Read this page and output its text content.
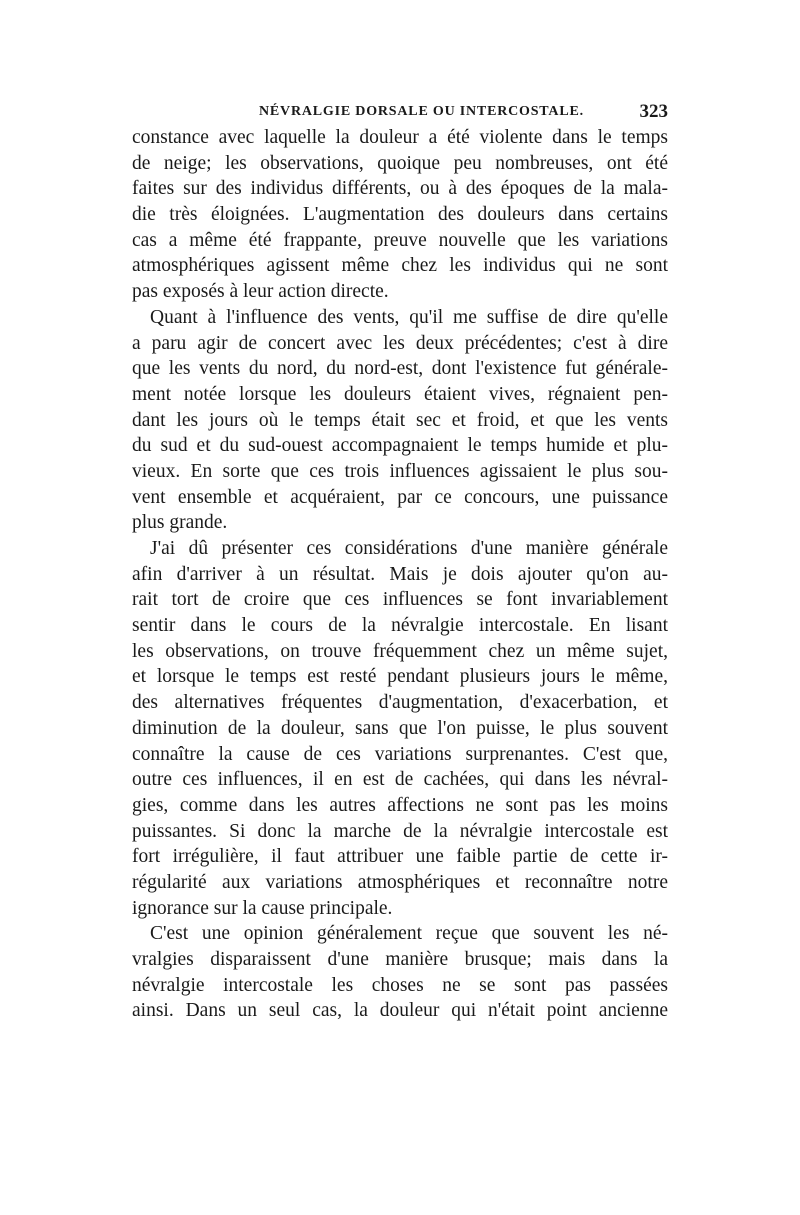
NÉVRALGIE DORSALE OU INTERCOSTALE.	323
constance avec laquelle la douleur a été violente dans le temps
de neige; les observations, quoique peu nombreuses, ont été
faites sur des individus différents, ou à des époques de la mala-
die très éloignées. L'augmentation des douleurs dans certains
cas a même été frappante, preuve nouvelle que les variations
atmosphériques agissent même chez les individus qui ne sont
pas exposés à leur action directe.
Quant à l'influence des vents, qu'il me suffise de dire qu'elle
a paru agir de concert avec les deux précédentes; c'est à dire
que les vents du nord, du nord-est, dont l'existence fut générale-
ment notée lorsque les douleurs étaient vives, régnaient pen-
dant les jours où le temps était sec et froid, et que les vents
du sud et du sud-ouest accompagnaient le temps humide et plu-
vieux. En sorte que ces trois influences agissaient le plus sou-
vent ensemble et acquéraient, par ce concours, une puissance
plus grande.
J'ai dû présenter ces considérations d'une manière générale
afin d'arriver à un résultat. Mais je dois ajouter qu'on au-
rait tort de croire que ces influences se font invariablement
sentir dans le cours de la névralgie intercostale. En lisant
les observations, on trouve fréquemment chez un même sujet,
et lorsque le temps est resté pendant plusieurs jours le même,
des alternatives fréquentes d'augmentation, d'exacerbation, et
diminution de la douleur, sans que l'on puisse, le plus souvent
connaître la cause de ces variations surprenantes. C'est que,
outre ces influences, il en est de cachées, qui dans les névral-
gies, comme dans les autres affections ne sont pas les moins
puissantes. Si donc la marche de la névralgie intercostale est
fort irrégulière, il faut attribuer une faible partie de cette ir-
régularité aux variations atmosphériques et reconnaître notre
ignorance sur la cause principale.
C'est une opinion généralement reçue que souvent les né-
vralgies disparaissent d'une manière brusque; mais dans la
névralgie intercostale les choses ne se sont pas passées
ainsi. Dans un seul cas, la douleur qui n'était point ancienne
